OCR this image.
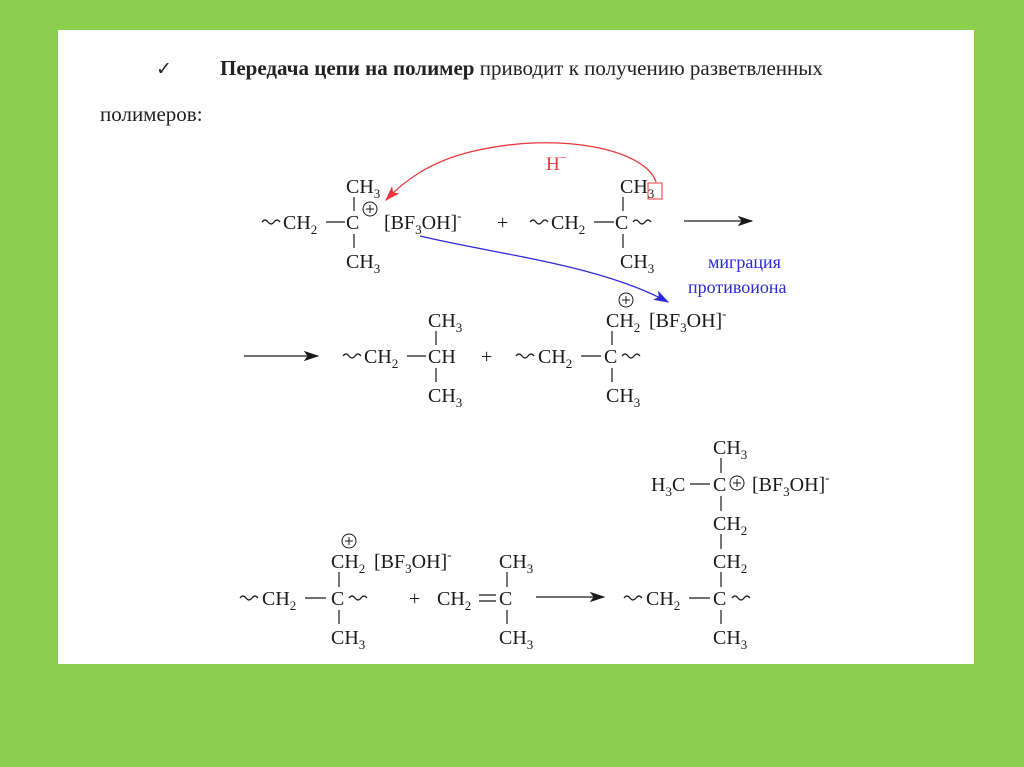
✓ Передача цепи на полимер приводит к получению разветвленных
полимеров:
$CH_2$ C
$CH_3$
$CH_3$
$[BF_3OH]^- + CH_2$ C
$CH_3$
$CH_3$
H−
миграция
противоиона
$CH_2$ CH
$CH_3$
$CH_3$
+ $CH_2$ C
$CH_2$ $[BF_3OH]^-$
$CH_3$
$CH_2$ C
$CH_2$ $[BF_3OH]^-$
$CH_3$
+ $CH_2$ C
$CH_3$
$CH_3$
$CH_2$ C
$CH_3$
$CH_2$
$CH_2$
C
$CH_3$
$H_3C$	$[BF_3OH]^-$
